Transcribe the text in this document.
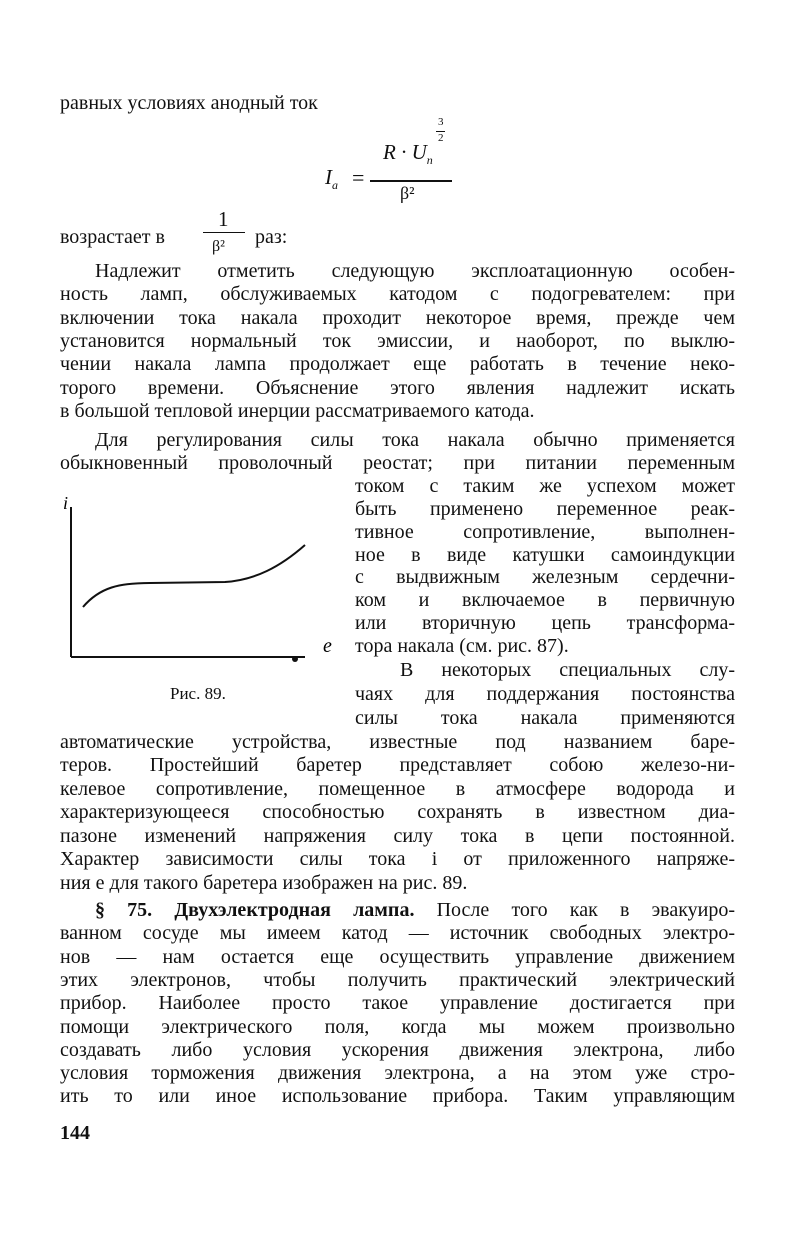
равных условиях анодный ток
$I_a$ =
$R \cdot U_n$
3
2
β²
возрастает в
1
β² раз:
Надлежит отметить следующую эксплоатационную особен-
ность ламп, обслуживаемых катодом с подогревателем: при
включении тока накала проходит некоторое время, прежде чем
установится нормальный ток эмиссии, и наоборот, по выклю-
чении накала лампа продолжает еще работать в течение неко-
торого времени. Объяснение этого явления надлежит искать
в большой тепловой инерции рассматриваемого катода.
Для регулирования силы тока накала обычно применяется
обыкновенный проволочный реостат; при питании переменным
током с таким же успехом может
быть применено переменное реак-
тивное сопротивление, выполнен-
ное в виде катушки самоиндукции
с выдвижным железным сердечни-
ком и включаемое в первичную
или вторичную цепь трансформа-
тора накала (см. рис. 87).
В некоторых специальных слу-
чаях для поддержания постоянства
силы тока накала применяются
автоматические устройства, известные под названием баре-
теров. Простейший баретер представляет собою железо-ни-
келевое сопротивление, помещенное в атмосфере водорода и
характеризующееся способностью сохранять в известном диа-
пазоне изменений напряжения силу тока в цепи постоянной.
Характер зависимости силы тока i от приложенного напряже-
ния e для такого баретера изображен на рис. 89.
§ 75. Двухэлектродная лампа. После того как в эвакуиро-
ванном сосуде мы имеем катод — источник свободных электро-
нов — нам остается еще осуществить управление движением
этих электронов, чтобы получить практический электрический
прибор. Наиболее просто такое управление достигается при
помощи электрического поля, когда мы можем произвольно
создавать либо условия ускорения движения электрона, либо
условия торможения движения электрона, а на этом уже стро-
ить то или иное использование прибора. Таким управляющим
i
e
Рис. 89.
144
